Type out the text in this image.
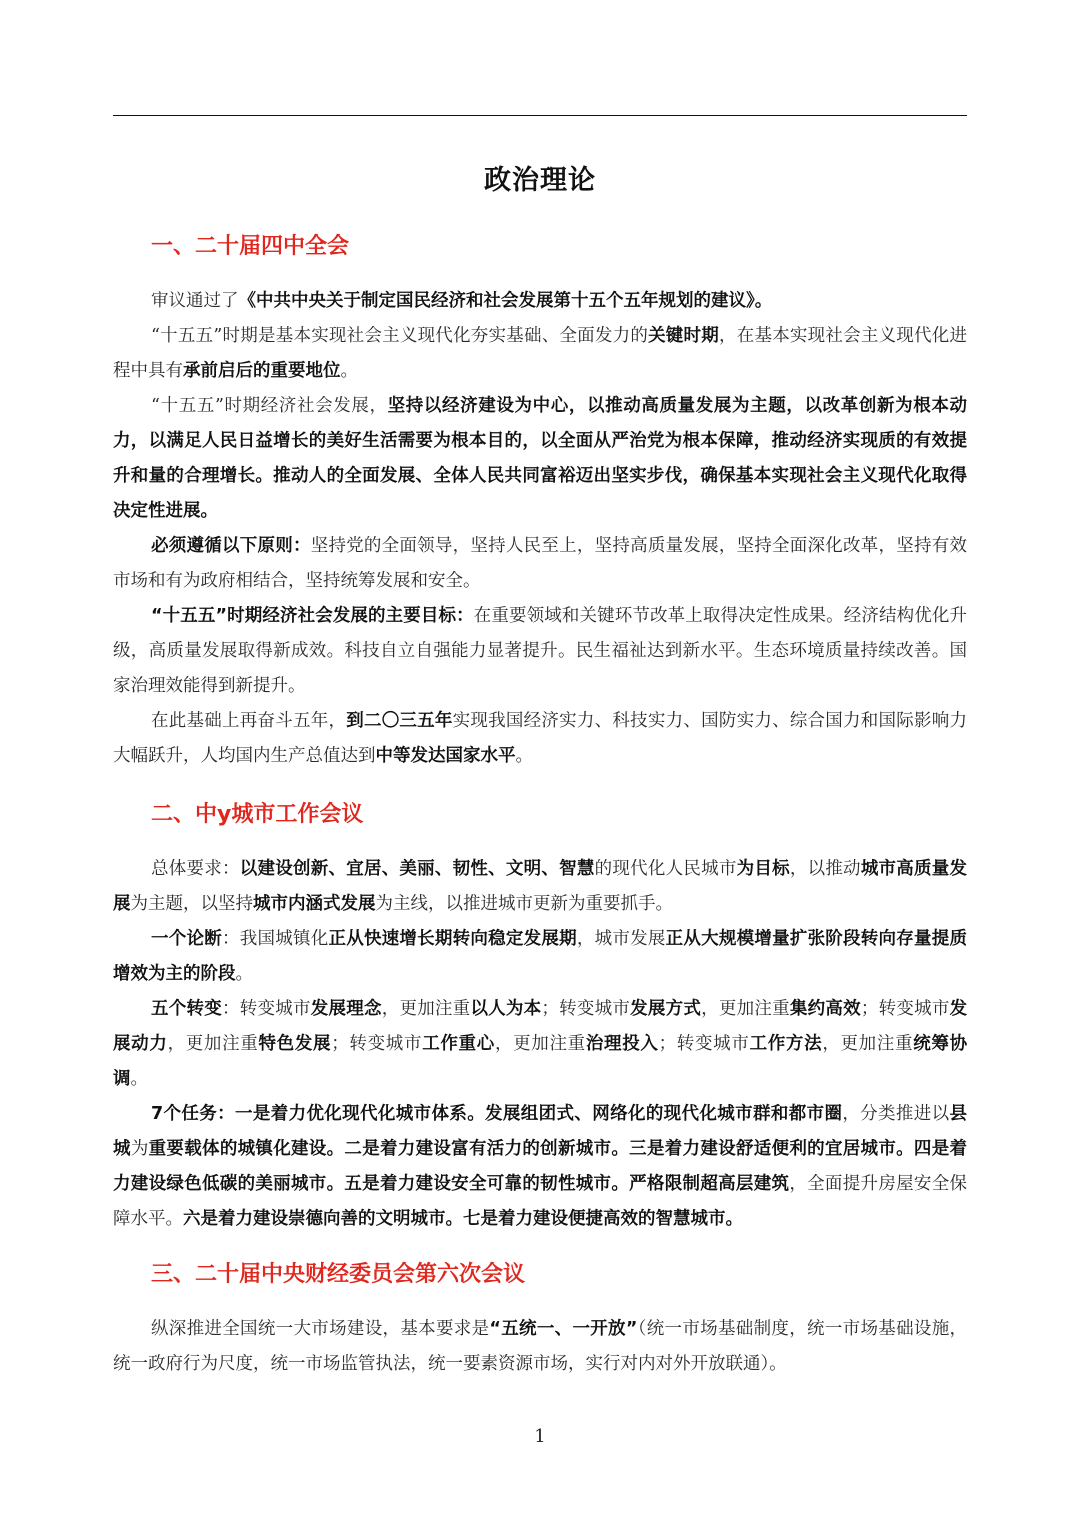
政治理论
一、二十届四中全会

审议通过了《中共中央关于制定国民经济和社会发展第十五个五年规划的建议》。

“十五五”时期是基本实现社会主义现代化夯实基础、全面发力的关键时期，在基本实现社会主义现代化进程中具有承前启后的重要地位。

“十五五”时期经济社会发展，坚持以经济建设为中心，以推动高质量发展为主题，以改革创新为根本动力，以满足人民日益增长的美好生活需要为根本目的，以全面从严治党为根本保障，推动经济实现质的有效提升和量的合理增长。推动人的全面发展、全体人民共同富裕迈出坚实步伐，确保基本实现社会主义现代化取得决定性进展。

必须遵循以下原则：坚持党的全面领导，坚持人民至上，坚持高质量发展，坚持全面深化改革，坚持有效市场和有为政府相结合，坚持统筹发展和安全。

“十五五”时期经济社会发展的主要目标：在重要领域和关键环节改革上取得决定性成果。经济结构优化升级，高质量发展取得新成效。科技自立自强能力显著提升。民生福祉达到新水平。生态环境质量持续改善。国家治理效能得到新提升。

在此基础上再奋斗五年，到二〇三五年实现我国经济实力、科技实力、国防实力、综合国力和国际影响力大幅跃升，人均国内生产总值达到中等发达国家水平。

二、中y城市工作会议

总体要求：以建设创新、宜居、美丽、韧性、文明、智慧的现代化人民城市为目标，以推动城市高质量发展为主题，以坚持城市内涵式发展为主线，以推进城市更新为重要抓手。

一个论断：我国城镇化正从快速增长期转向稳定发展期，城市发展正从大规模增量扩张阶段转向存量提质增效为主的阶段。

五个转变：转变城市发展理念，更加注重以人为本；转变城市发展方式，更加注重集约高效；转变城市发展动力，更加注重特色发展；转变城市工作重心，更加注重治理投入；转变城市工作方法，更加注重统筹协调。

7个任务：一是着力优化现代化城市体系。发展组团式、网络化的现代化城市群和都市圈，分类推进以县城为重要载体的城镇化建设。二是着力建设富有活力的创新城市。三是着力建设舒适便利的宜居城市。四是着力建设绿色低碳的美丽城市。五是着力建设安全可靠的韧性城市。严格限制超高层建筑，全面提升房屋安全保障水平。六是着力建设崇德向善的文明城市。七是着力建设便捷高效的智慧城市。

三、二十届中央财经委员会第六次会议

纵深推进全国统一大市场建设，基本要求是“五统一、一开放”（统一市场基础制度，统一市场基础设施，统一政府行为尺度，统一市场监管执法，统一要素资源市场，实行对内对外开放联通）。

1
